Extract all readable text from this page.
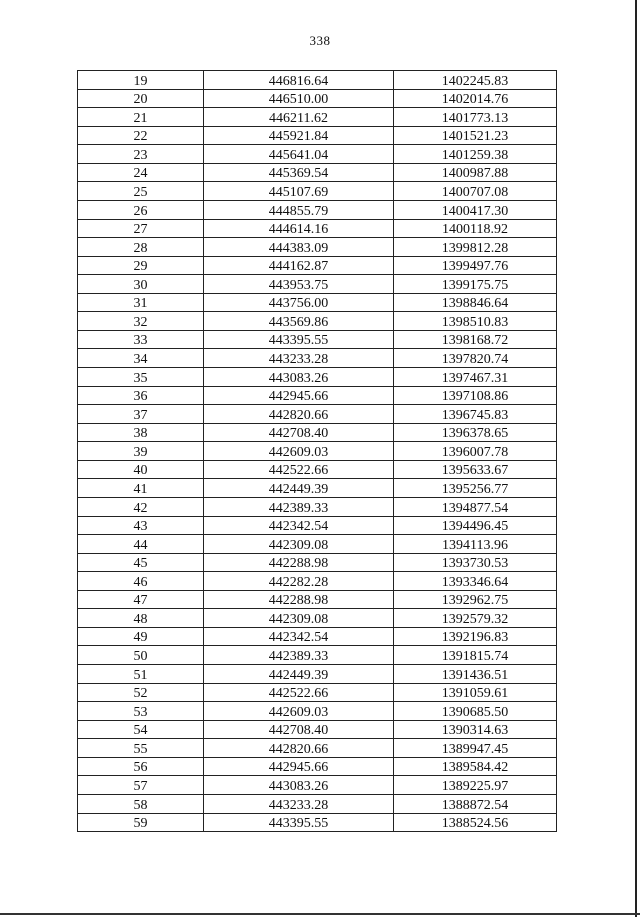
338
19	446816.64	1402245.83
20	446510.00	1402014.76
21	446211.62	1401773.13
22	445921.84	1401521.23
23	445641.04	1401259.38
24	445369.54	1400987.88
25	445107.69	1400707.08
26	444855.79	1400417.30
27	444614.16	1400118.92
28	444383.09	1399812.28
29	444162.87	1399497.76
30	443953.75	1399175.75
31	443756.00	1398846.64
32	443569.86	1398510.83
33	443395.55	1398168.72
34	443233.28	1397820.74
35	443083.26	1397467.31
36	442945.66	1397108.86
37	442820.66	1396745.83
38	442708.40	1396378.65
39	442609.03	1396007.78
40	442522.66	1395633.67
41	442449.39	1395256.77
42	442389.33	1394877.54
43	442342.54	1394496.45
44	442309.08	1394113.96
45	442288.98	1393730.53
46	442282.28	1393346.64
47	442288.98	1392962.75
48	442309.08	1392579.32
49	442342.54	1392196.83
50	442389.33	1391815.74
51	442449.39	1391436.51
52	442522.66	1391059.61
53	442609.03	1390685.50
54	442708.40	1390314.63
55	442820.66	1389947.45
56	442945.66	1389584.42
57	443083.26	1389225.97
58	443233.28	1388872.54
59	443395.55	1388524.56
